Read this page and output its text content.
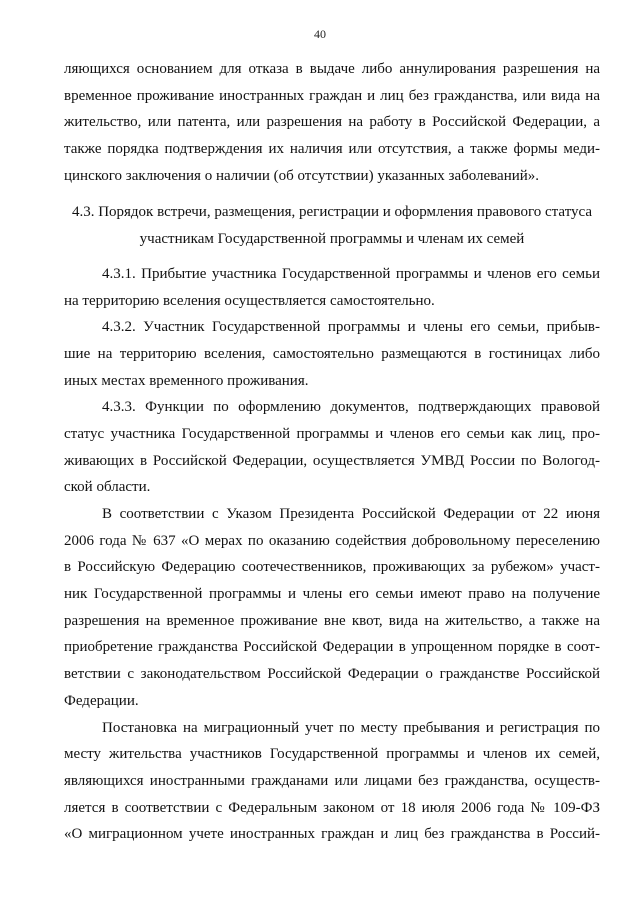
40
ляющихся основанием для отказа в выдаче либо аннулирования разрешения на
временное проживание иностранных граждан и лиц без гражданства, или вида на
жительство, или патента, или разрешения на работу в Российской Федерации, а
также порядка подтверждения их наличия или отсутствия, а также формы меди-
цинского заключения о наличии (об отсутствии) указанных заболеваний».
4.3. Порядок встречи, размещения, регистрации и оформления правового статуса
участникам Государственной программы и членам их семей
4.3.1. Прибытие участника Государственной программы и членов его семьи
на территорию вселения осуществляется самостоятельно.
4.3.2. Участник Государственной программы и члены его семьи, прибыв-
шие на территорию вселения, самостоятельно размещаются в гостиницах либо
иных местах временного проживания.
4.3.3. Функции по оформлению документов, подтверждающих правовой
статус участника Государственной программы и членов его семьи как лиц, про-
живающих в Российской Федерации, осуществляется УМВД России по Вологод-
ской области.
В соответствии с Указом Президента Российской Федерации от 22 июня
2006 года № 637 «О мерах по оказанию содействия добровольному переселению
в Российскую Федерацию соотечественников, проживающих за рубежом» участ-
ник Государственной программы и члены его семьи имеют право на получение
разрешения на временное проживание вне квот, вида на жительство, а также на
приобретение гражданства Российской Федерации в упрощенном порядке в соот-
ветствии с законодательством Российской Федерации о гражданстве Российской
Федерации.
Постановка на миграционный учет по месту пребывания и регистрация по
месту жительства участников Государственной программы и членов их семей,
являющихся иностранными гражданами или лицами без гражданства, осуществ-
ляется в соответствии с Федеральным законом от 18 июля 2006 года № 109-ФЗ
«О миграционном учете иностранных граждан и лиц без гражданства в Россий-
